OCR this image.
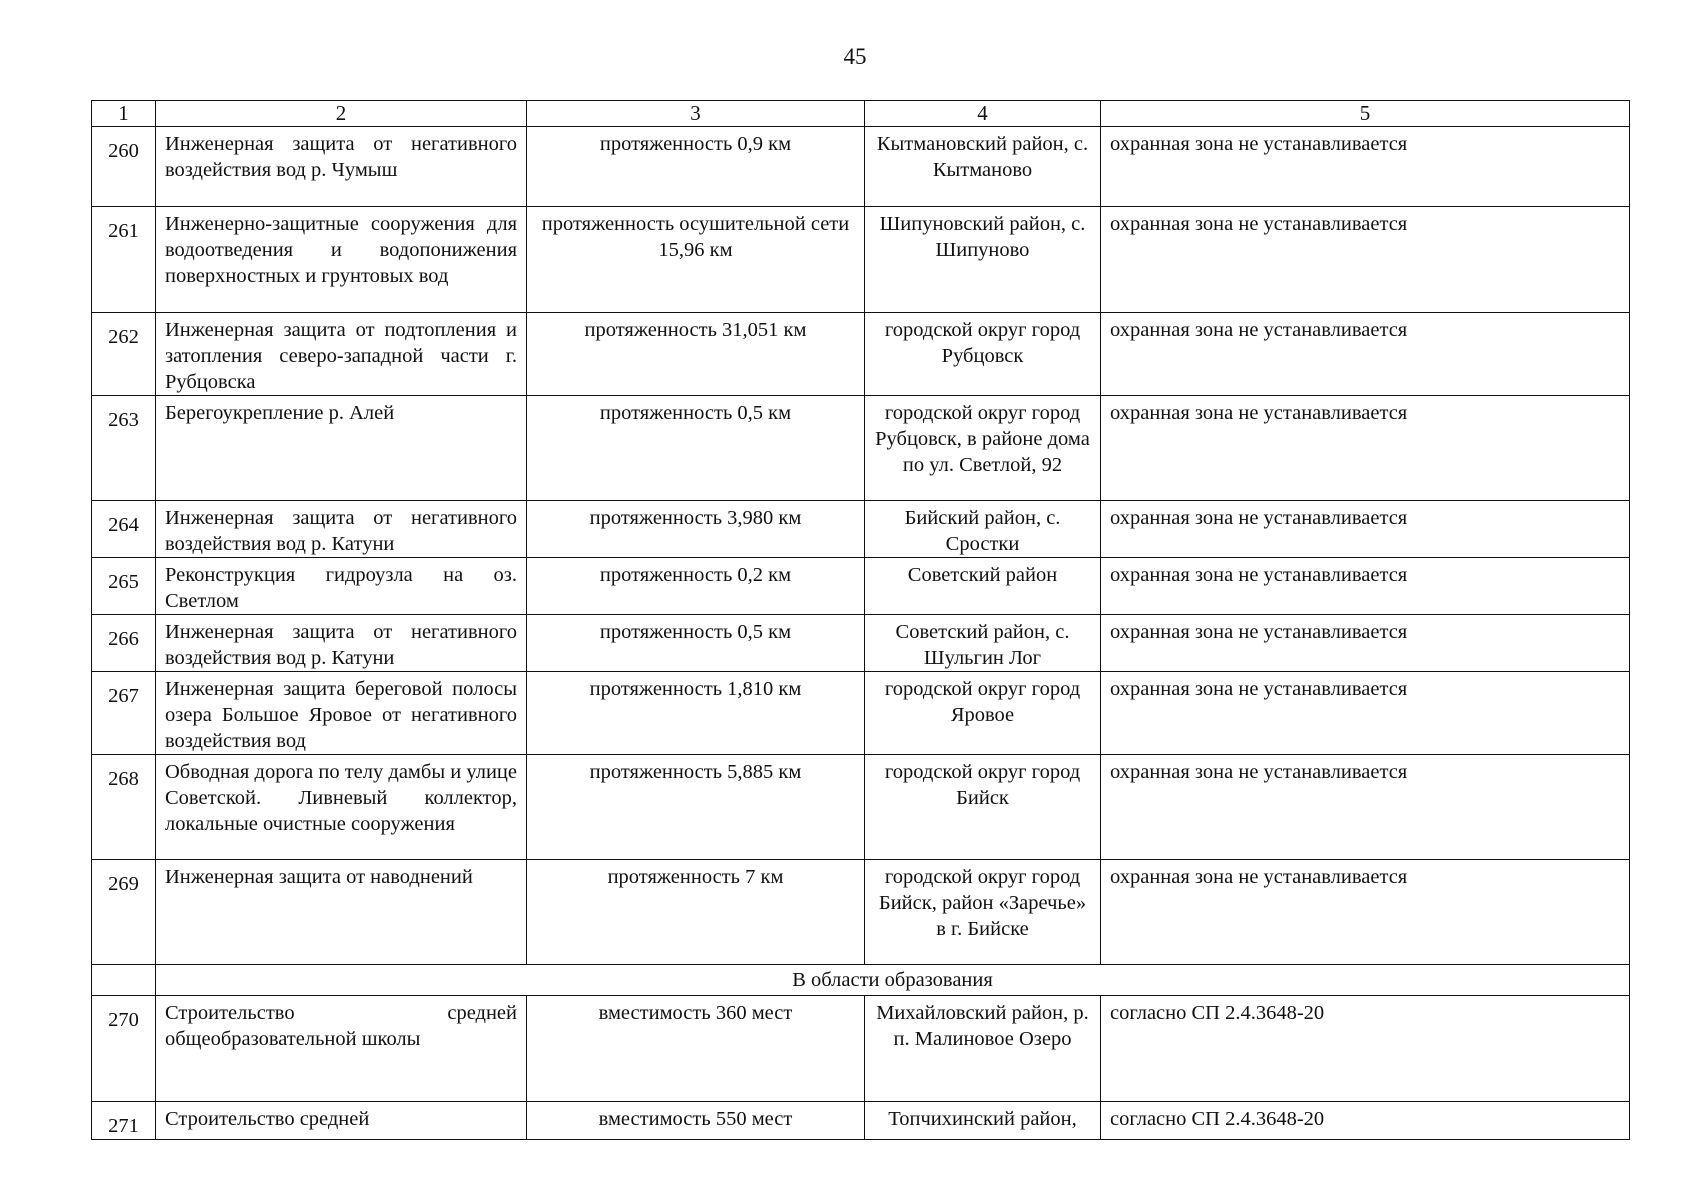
45
1	2	3	4	5
260	Инженерная защита от негативного воздействия вод р. Чумыш	протяженность 0,9 км	Кытмановский район, с. Кытманово	охранная зона не устанавливается
261	Инженерно-защитные сооружения для водоотведения и водопонижения поверхностных и грунтовых вод	протяженность осушительной сети 15,96 км	Шипуновский район, с. Шипуново	охранная зона не устанавливается
262	Инженерная защита от подтопления и затопления северо-западной части г. Рубцовска	протяженность 31,051 км	городской округ город Рубцовск	охранная зона не устанавливается
263	Берегоукрепление р. Алей	протяженность 0,5 км	городской округ город Рубцовск, в районе дома по ул. Светлой, 92	охранная зона не устанавливается
264	Инженерная защита от негативного воздействия вод р. Катуни	протяженность 3,980 км	Бийский район, с. Сростки	охранная зона не устанавливается
265	Реконструкция гидроузла на оз. Светлом	протяженность 0,2 км	Советский район	охранная зона не устанавливается
266	Инженерная защита от негативного воздействия вод р. Катуни	протяженность 0,5 км	Советский район, с. Шульгин Лог	охранная зона не устанавливается
267	Инженерная защита береговой полосы озера Большое Яровое от негативного воздействия вод	протяженность 1,810 км	городской округ город Яровое	охранная зона не устанавливается
268	Обводная дорога по телу дамбы и улице Советской. Ливневый коллектор, локальные очистные сооружения	протяженность 5,885 км	городской округ город Бийск	охранная зона не устанавливается
269	Инженерная защита от наводнений	протяженность 7 км	городской округ город Бийск, район «Заречье» в г. Бийске	охранная зона не устанавливается
	В области образования			
270	Строительство средней общеобразовательной школы	вместимость 360 мест	Михайловский район, р. п. Малиновое Озеро	согласно СП 2.4.3648-20
271	Строительство средней	вместимость 550 мест	Топчихинский район,	согласно СП 2.4.3648-20
